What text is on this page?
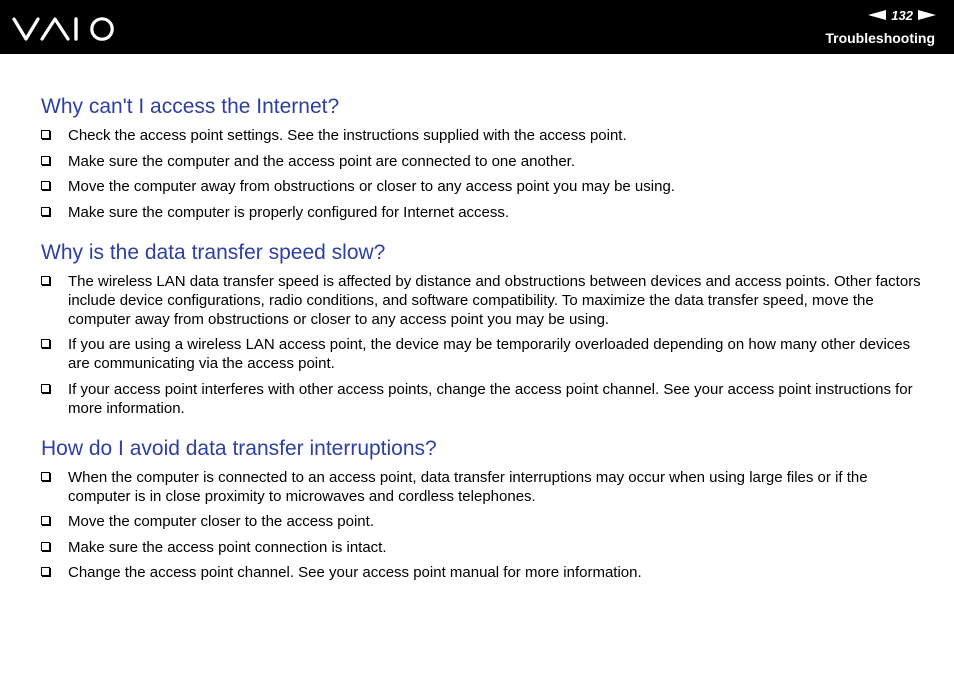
132
Troubleshooting
Why can't I access the Internet?
Check the access point settings. See the instructions supplied with the access point.
Make sure the computer and the access point are connected to one another.
Move the computer away from obstructions or closer to any access point you may be using.
Make sure the computer is properly configured for Internet access.
Why is the data transfer speed slow?
The wireless LAN data transfer speed is affected by distance and obstructions between devices and access points. Other factors include device configurations, radio conditions, and software compatibility. To maximize the data transfer speed, move the computer away from obstructions or closer to any access point you may be using.
If you are using a wireless LAN access point, the device may be temporarily overloaded depending on how many other devices are communicating via the access point.
If your access point interferes with other access points, change the access point channel. See your access point instructions for more information.
How do I avoid data transfer interruptions?
When the computer is connected to an access point, data transfer interruptions may occur when using large files or if the computer is in close proximity to microwaves and cordless telephones.
Move the computer closer to the access point.
Make sure the access point connection is intact.
Change the access point channel. See your access point manual for more information.
